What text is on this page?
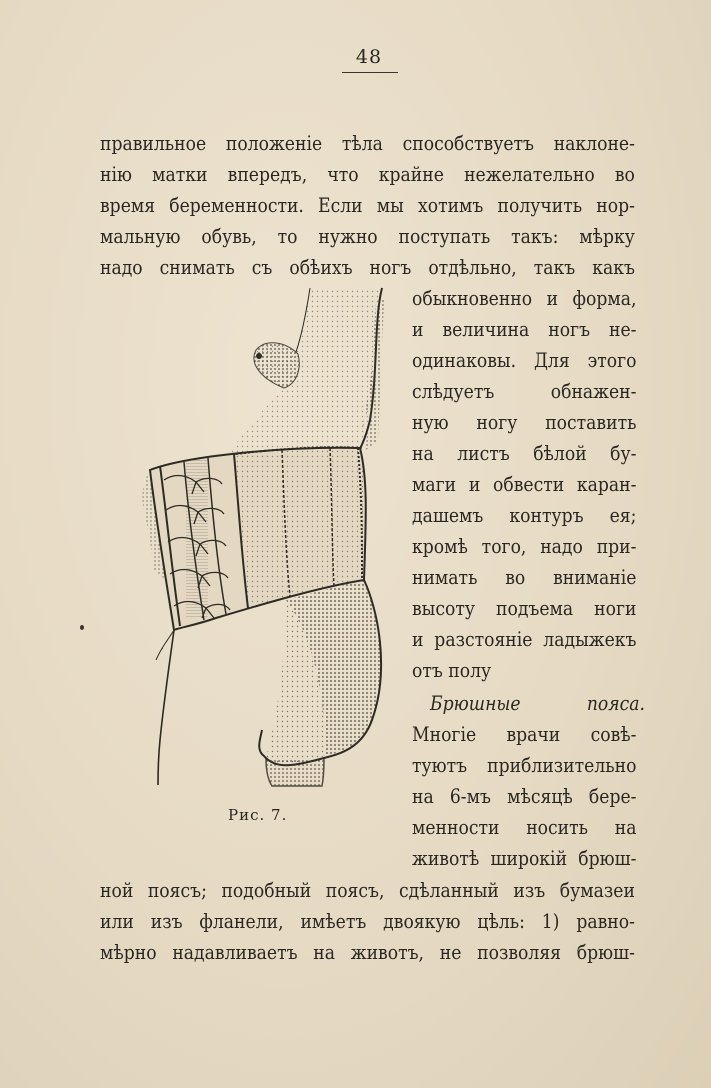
48
правильное положенiе тѣла способствуетъ наклоне-
нiю матки впередъ, что крайне нежелательно во
время беременности. Если мы хотимъ получить нор-
мальную обувь, то нужно поступать такъ: мѣрку
надо снимать съ обѣихъ ногъ отдѣльно, такъ какъ
обыкновенно и форма,
и величина ногъ не-
одинаковы. Для этого
слѣдуетъ обнажен-
ную ногу поставить
на листъ бѣлой бу-
маги и обвести каран-
дашемъ контуръ ея;
кромѣ того, надо при-
нимать во вниманiе
высоту подъема ноги
и разстоянiе ладыжекъ
отъ полу
Брюшные пояса.
Многiе врачи совѣ-
туютъ приблизительно
на 6-мъ мѣсяцѣ бере-
менности носить на
животѣ широкiй брюш-
ной поясъ; подобный поясъ, сдѣланный изъ бумазеи
или изъ фланели, имѣетъ двоякую цѣль: 1) равно-
мѣрно надавливаетъ на животъ, не позволяя брюш-
Рис. 7.
